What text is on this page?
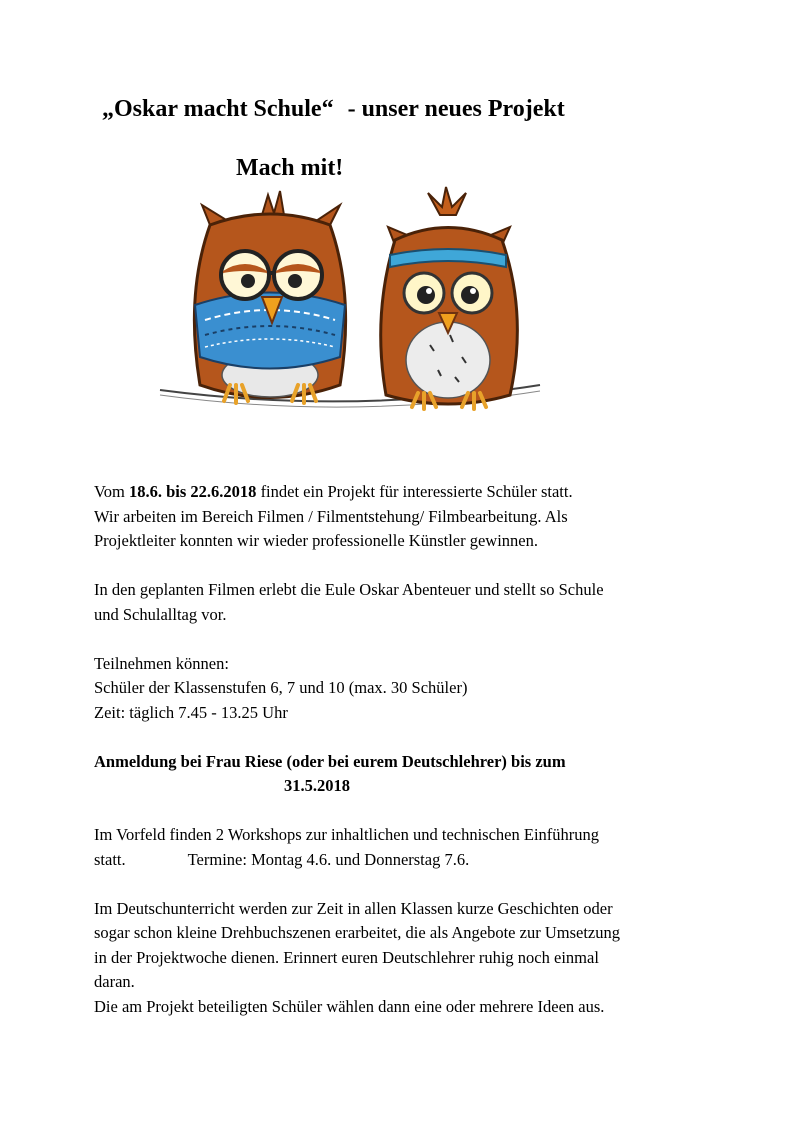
„Oskar macht Schule“ - unser neues Projekt
Mach mit!

Vom 18.6. bis 22.6.2018 findet ein Projekt für interessierte Schüler statt.

Wir arbeiten im Bereich Filmen / Filmentstehung/ Filmbearbeitung. Als

Projektleiter konnten wir wieder professionelle Künstler gewinnen.

In den geplanten Filmen erlebt die Eule Oskar Abenteuer und stellt so Schule

und Schulalltag vor.

Teilnehmen können:

Schüler der Klassenstufen 6, 7 und 10 (max. 30 Schüler)

Zeit: täglich 7.45 - 13.25 Uhr

Anmeldung bei Frau Riese (oder bei eurem Deutschlehrer) bis zum

31.5.2018

Im Vorfeld finden 2 Workshops zur inhaltlichen und technischen Einführung

statt.	Termine: Montag 4.6. und Donnerstag 7.6.

Im Deutschunterricht werden zur Zeit in allen Klassen kurze Geschichten oder

sogar schon kleine Drehbuchszenen erarbeitet, die als Angebote zur Umsetzung

in der Projektwoche dienen. Erinnert euren Deutschlehrer ruhig noch einmal

daran.

Die am Projekt beteiligten Schüler wählen dann eine oder mehrere Ideen aus.
